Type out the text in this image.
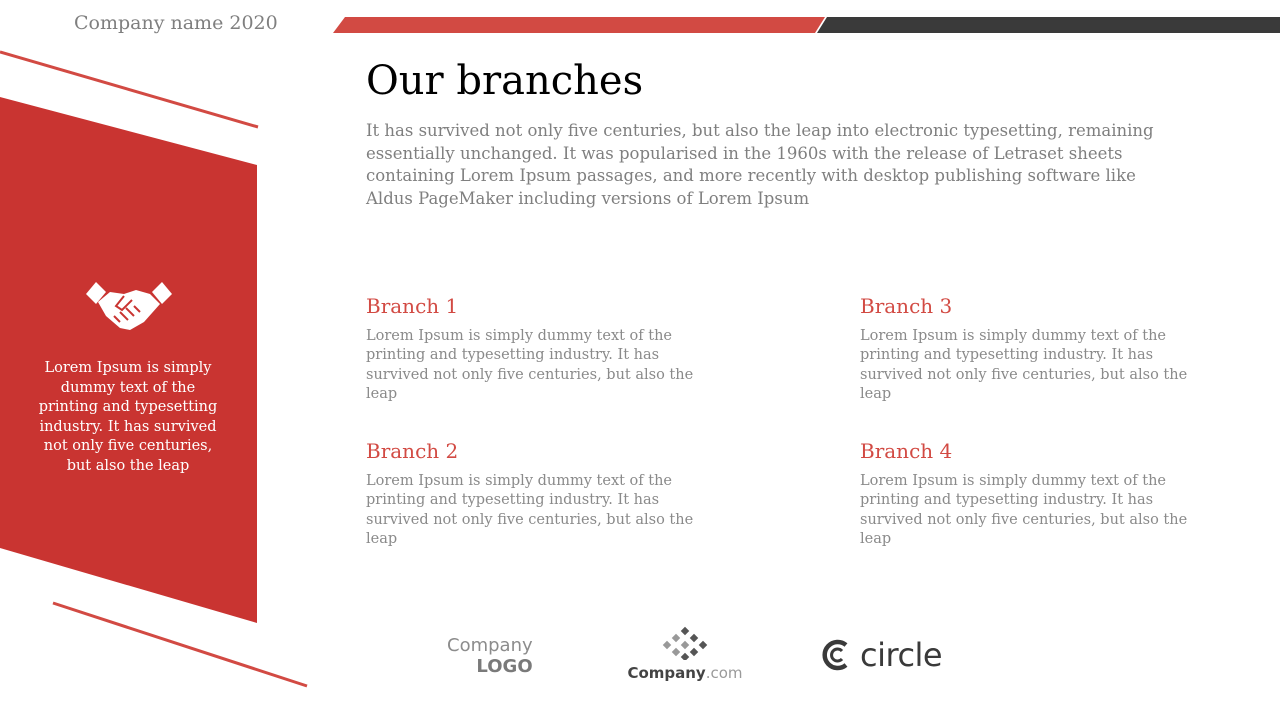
Company name 2020
Lorem Ipsum is simply dummy text of the printing and typesetting industry. It has survived not only five centuries, but also the leap
Our branches

It has survived not only five centuries, but also the leap into electronic typesetting, remaining essentially unchanged. It was popularised in the 1960s with the release of Letraset sheets containing Lorem Ipsum passages, and more recently with desktop publishing software like Aldus PageMaker including versions of Lorem Ipsum

Branch 1

Lorem Ipsum is simply dummy text of the printing and typesetting industry. It has survived not only five centuries, but also the leap

Branch 2

Lorem Ipsum is simply dummy text of the printing and typesetting industry. It has survived not only five centuries, but also the leap

Branch 3

Lorem Ipsum is simply dummy text of the printing and typesetting industry. It has survived not only five centuries, but also the leap

Branch 4

Lorem Ipsum is simply dummy text of the printing and typesetting industry. It has survived not only five centuries, but also the leap

Company
LOGO	Company.com	circle
